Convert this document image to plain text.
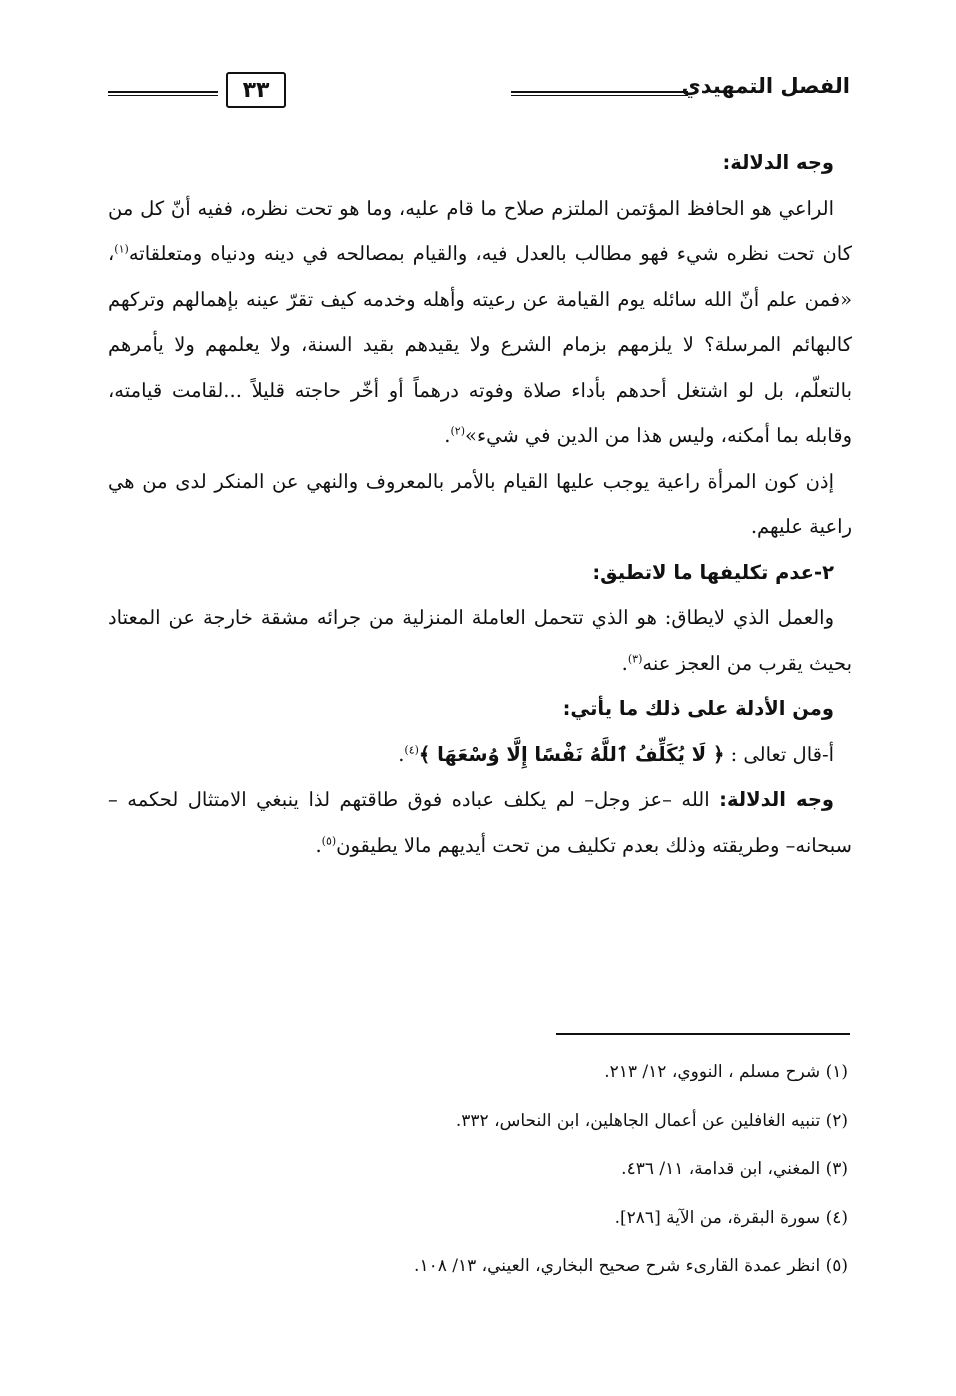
الفصل التمهيدي
٣٣

وجه الدلالة:

الراعي هو الحافظ المؤتمن الملتزم صلاح ما قام عليه، وما هو تحت نظره، ففيه أنّ كل من كان تحت نظره شيء فهو مطالب بالعدل فيه، والقيام بمصالحه في دينه ودنياه ومتعلقاته$^{(١)}$، «فمن علم أنّ الله سائله يوم القيامة عن رعيته وأهله وخدمه كيف تقرّ عينه بإهمالهم وتركهم كالبهائم المرسلة؟ لا يلزمهم بزمام الشرع ولا يقيدهم بقيد السنة، ولا يعلمهم ولا يأمرهم بالتعلّم، بل لو اشتغل أحدهم بأداء صلاة وفوته درهماً أو أخّر حاجته قليلاً ...لقامت قيامته، وقابله بما أمكنه، وليس هذا من الدين في شيء»$^{(٢)}$.

إذن كون المرأة راعية يوجب عليها القيام بالأمر بالمعروف والنهي عن المنكر لدى من هي راعية عليهم.

٢-عدم تكليفها ما لاتطيق:

والعمل الذي لايطاق: هو الذي تتحمل العاملة المنزلية من جرائه مشقة خارجة عن المعتاد بحيث يقرب من العجز عنه$^{(٣)}$.

ومن الأدلة على ذلك ما يأتي:

أ-قال تعالى : ﴿ لَا يُكَلِّفُ ٱللَّهُ نَفْسًا إِلَّا وُسْعَهَا ﴾$^{(٤)}$.

وجه الدلالة: الله –عز وجل– لم يكلف عباده فوق طاقتهم لذا ينبغي الامتثال لحكمه –سبحانه– وطريقته وذلك بعدم تكليف من تحت أيديهم مالا يطيقون$^{(٥)}$.

(١) شرح مسلم ، النووي، ١٢/ ٢١٣.

(٢) تنبيه الغافلين عن أعمال الجاهلين، ابن النحاس، ٣٣٢.

(٣) المغني، ابن قدامة، ١١/ ٤٣٦.

(٤) سورة البقرة، من الآية [٢٨٦].

(٥) انظر عمدة القارىء شرح صحيح البخاري، العيني، ١٣/ ١٠٨.
